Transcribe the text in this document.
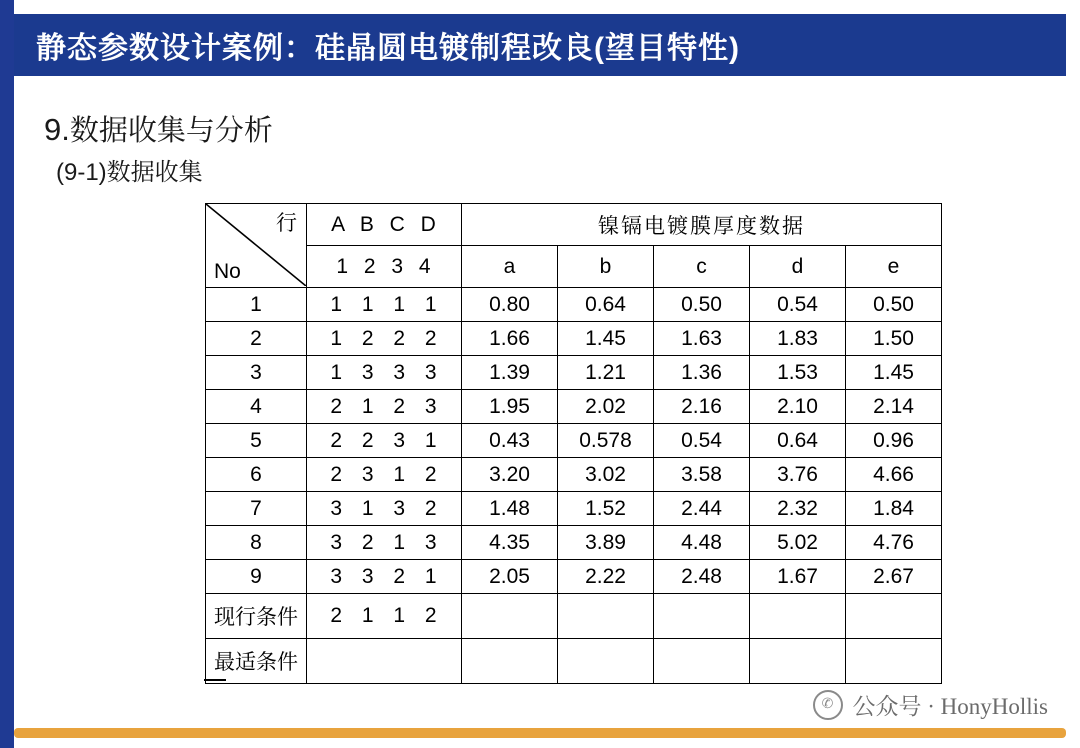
静态参数设计案例：硅晶圆电镀制程改良(望目特性)
9.数据收集与分析
(9-1)数据收集
行
No	A B C D	镍镉电镀膜厚度数据				
	1 2 3 4	a	b	c	d	e
1	1 1 1 1	0.80	0.64	0.50	0.54	0.50
2	1 2 2 2	1.66	1.45	1.63	1.83	1.50
3	1 3 3 3	1.39	1.21	1.36	1.53	1.45
4	2 1 2 3	1.95	2.02	2.16	2.10	2.14
5	2 2 3 1	0.43	0.578	0.54	0.64	0.96
6	2 3 1 2	3.20	3.02	3.58	3.76	4.66
7	3 1 3 2	1.48	1.52	2.44	2.32	1.84
8	3 2 1 3	4.35	3.89	4.48	5.02	4.76
9	3 3 2 1	2.05	2.22	2.48	1.67	2.67
现行条件	2 1 1 2					
最适条件						
✆ 公众号 · HonyHollis
